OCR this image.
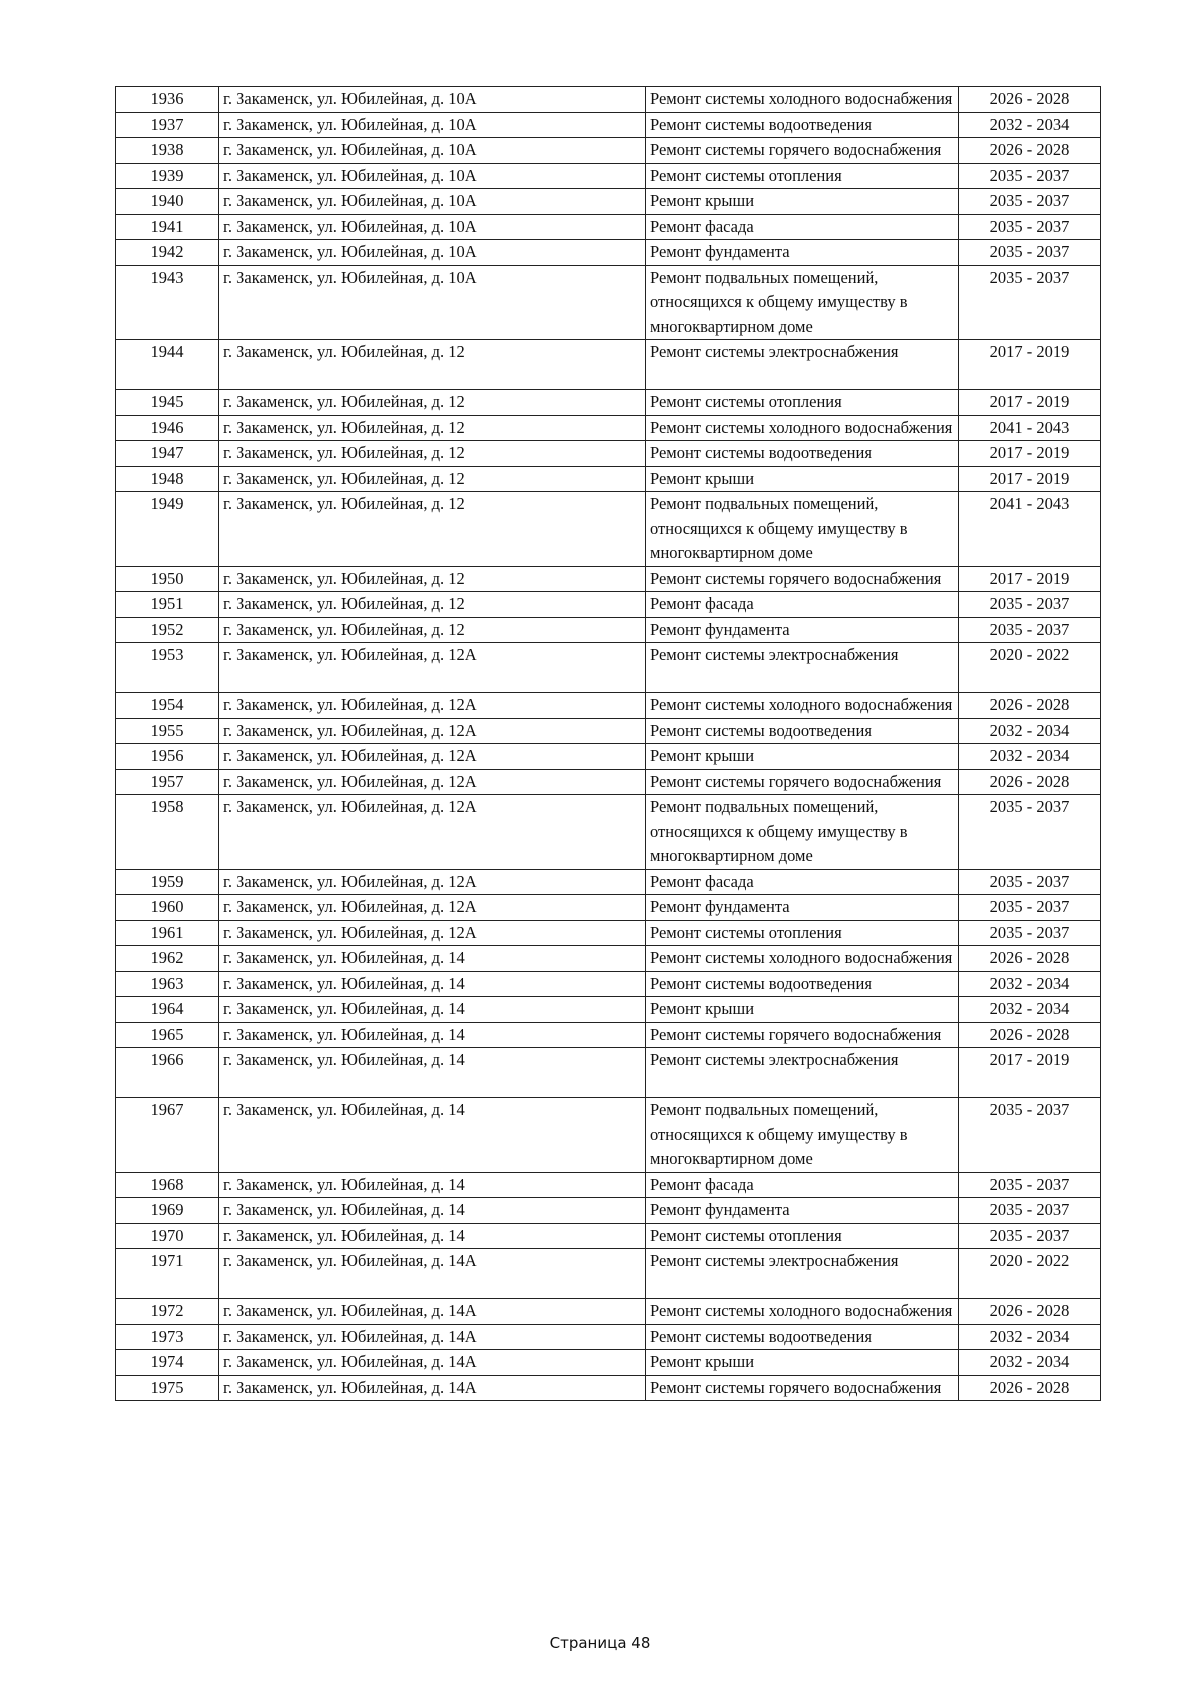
1936	г. Закаменск, ул. Юбилейная, д. 10А	Ремонт системы холодного водоснабжения	2026 - 2028
1937	г. Закаменск, ул. Юбилейная, д. 10А	Ремонт системы водоотведения	2032 - 2034
1938	г. Закаменск, ул. Юбилейная, д. 10А	Ремонт системы горячего водоснабжения	2026 - 2028
1939	г. Закаменск, ул. Юбилейная, д. 10А	Ремонт системы отопления	2035 - 2037
1940	г. Закаменск, ул. Юбилейная, д. 10А	Ремонт крыши	2035 - 2037
1941	г. Закаменск, ул. Юбилейная, д. 10А	Ремонт фасада	2035 - 2037
1942	г. Закаменск, ул. Юбилейная, д. 10А	Ремонт фундамента	2035 - 2037
1943	г. Закаменск, ул. Юбилейная, д. 10А	Ремонт подвальных помещений, относящихся к общему имуществу в многоквартирном доме	2035 - 2037
1944	г. Закаменск, ул. Юбилейная, д. 12	Ремонт системы электроснабжения	2017 - 2019
1945	г. Закаменск, ул. Юбилейная, д. 12	Ремонт системы отопления	2017 - 2019
1946	г. Закаменск, ул. Юбилейная, д. 12	Ремонт системы холодного водоснабжения	2041 - 2043
1947	г. Закаменск, ул. Юбилейная, д. 12	Ремонт системы водоотведения	2017 - 2019
1948	г. Закаменск, ул. Юбилейная, д. 12	Ремонт крыши	2017 - 2019
1949	г. Закаменск, ул. Юбилейная, д. 12	Ремонт подвальных помещений, относящихся к общему имуществу в многоквартирном доме	2041 - 2043
1950	г. Закаменск, ул. Юбилейная, д. 12	Ремонт системы горячего водоснабжения	2017 - 2019
1951	г. Закаменск, ул. Юбилейная, д. 12	Ремонт фасада	2035 - 2037
1952	г. Закаменск, ул. Юбилейная, д. 12	Ремонт фундамента	2035 - 2037
1953	г. Закаменск, ул. Юбилейная, д. 12А	Ремонт системы электроснабжения	2020 - 2022
1954	г. Закаменск, ул. Юбилейная, д. 12А	Ремонт системы холодного водоснабжения	2026 - 2028
1955	г. Закаменск, ул. Юбилейная, д. 12А	Ремонт системы водоотведения	2032 - 2034
1956	г. Закаменск, ул. Юбилейная, д. 12А	Ремонт крыши	2032 - 2034
1957	г. Закаменск, ул. Юбилейная, д. 12А	Ремонт системы горячего водоснабжения	2026 - 2028
1958	г. Закаменск, ул. Юбилейная, д. 12А	Ремонт подвальных помещений, относящихся к общему имуществу в многоквартирном доме	2035 - 2037
1959	г. Закаменск, ул. Юбилейная, д. 12А	Ремонт фасада	2035 - 2037
1960	г. Закаменск, ул. Юбилейная, д. 12А	Ремонт фундамента	2035 - 2037
1961	г. Закаменск, ул. Юбилейная, д. 12А	Ремонт системы отопления	2035 - 2037
1962	г. Закаменск, ул. Юбилейная, д. 14	Ремонт системы холодного водоснабжения	2026 - 2028
1963	г. Закаменск, ул. Юбилейная, д. 14	Ремонт системы водоотведения	2032 - 2034
1964	г. Закаменск, ул. Юбилейная, д. 14	Ремонт крыши	2032 - 2034
1965	г. Закаменск, ул. Юбилейная, д. 14	Ремонт системы горячего водоснабжения	2026 - 2028
1966	г. Закаменск, ул. Юбилейная, д. 14	Ремонт системы электроснабжения	2017 - 2019
1967	г. Закаменск, ул. Юбилейная, д. 14	Ремонт подвальных помещений, относящихся к общему имуществу в многоквартирном доме	2035 - 2037
1968	г. Закаменск, ул. Юбилейная, д. 14	Ремонт фасада	2035 - 2037
1969	г. Закаменск, ул. Юбилейная, д. 14	Ремонт фундамента	2035 - 2037
1970	г. Закаменск, ул. Юбилейная, д. 14	Ремонт системы отопления	2035 - 2037
1971	г. Закаменск, ул. Юбилейная, д. 14А	Ремонт системы электроснабжения	2020 - 2022
1972	г. Закаменск, ул. Юбилейная, д. 14А	Ремонт системы холодного водоснабжения	2026 - 2028
1973	г. Закаменск, ул. Юбилейная, д. 14А	Ремонт системы водоотведения	2032 - 2034
1974	г. Закаменск, ул. Юбилейная, д. 14А	Ремонт крыши	2032 - 2034
1975	г. Закаменск, ул. Юбилейная, д. 14А	Ремонт системы горячего водоснабжения	2026 - 2028
Страница 48
